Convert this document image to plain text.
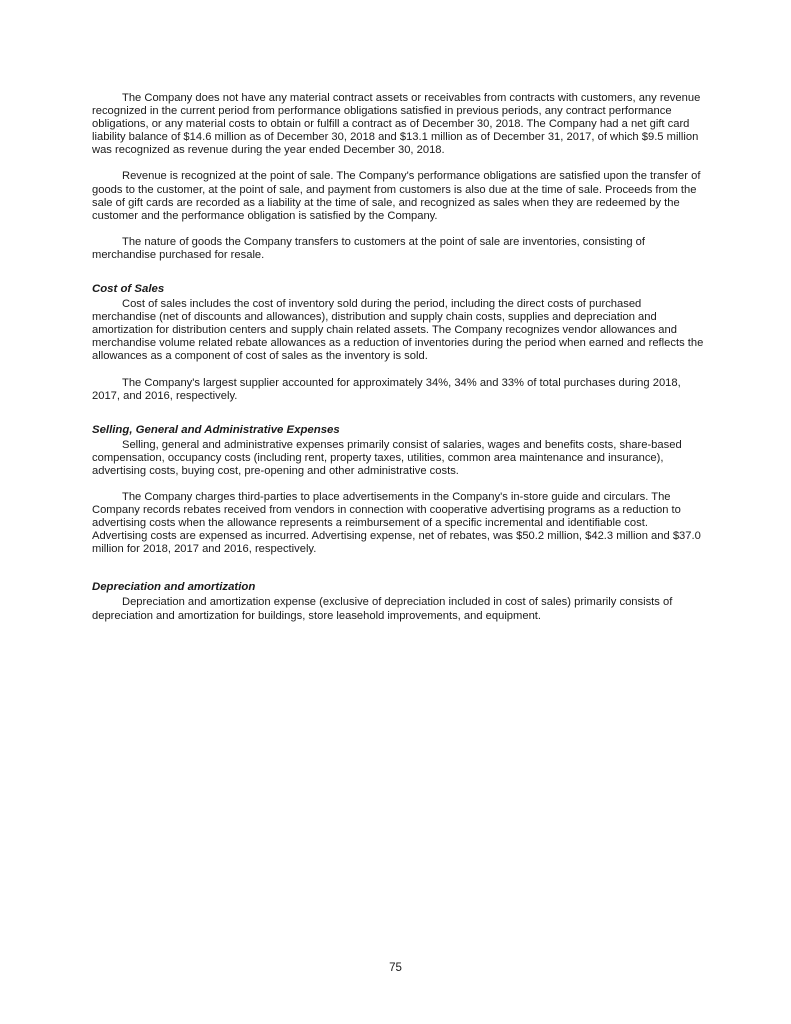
The Company does not have any material contract assets or receivables from contracts with customers, any revenue recognized in the current period from performance obligations satisfied in previous periods, any contract performance obligations, or any material costs to obtain or fulfill a contract as of December 30, 2018. The Company had a net gift card liability balance of $14.6 million as of December 30, 2018 and $13.1 million as of December 31, 2017, of which $9.5 million was recognized as revenue during the year ended December 30, 2018.

Revenue is recognized at the point of sale. The Company's performance obligations are satisfied upon the transfer of goods to the customer, at the point of sale, and payment from customers is also due at the time of sale. Proceeds from the sale of gift cards are recorded as a liability at the time of sale, and recognized as sales when they are redeemed by the customer and the performance obligation is satisfied by the Company.

The nature of goods the Company transfers to customers at the point of sale are inventories, consisting of merchandise purchased for resale.

Cost of Sales

Cost of sales includes the cost of inventory sold during the period, including the direct costs of purchased merchandise (net of discounts and allowances), distribution and supply chain costs, supplies and depreciation and amortization for distribution centers and supply chain related assets. The Company recognizes vendor allowances and merchandise volume related rebate allowances as a reduction of inventories during the period when earned and reflects the allowances as a component of cost of sales as the inventory is sold.

The Company's largest supplier accounted for approximately 34%, 34% and 33% of total purchases during 2018, 2017, and 2016, respectively.

Selling, General and Administrative Expenses

Selling, general and administrative expenses primarily consist of salaries, wages and benefits costs, share-based compensation, occupancy costs (including rent, property taxes, utilities, common area maintenance and insurance), advertising costs, buying cost, pre-opening and other administrative costs.

The Company charges third-parties to place advertisements in the Company's in-store guide and circulars. The Company records rebates received from vendors in connection with cooperative advertising programs as a reduction to advertising costs when the allowance represents a reimbursement of a specific incremental and identifiable cost. Advertising costs are expensed as incurred. Advertising expense, net of rebates, was $50.2 million, $42.3 million and $37.0 million for 2018, 2017 and 2016, respectively.

Depreciation and amortization

Depreciation and amortization expense (exclusive of depreciation included in cost of sales) primarily consists of depreciation and amortization for buildings, store leasehold improvements, and equipment.

75
